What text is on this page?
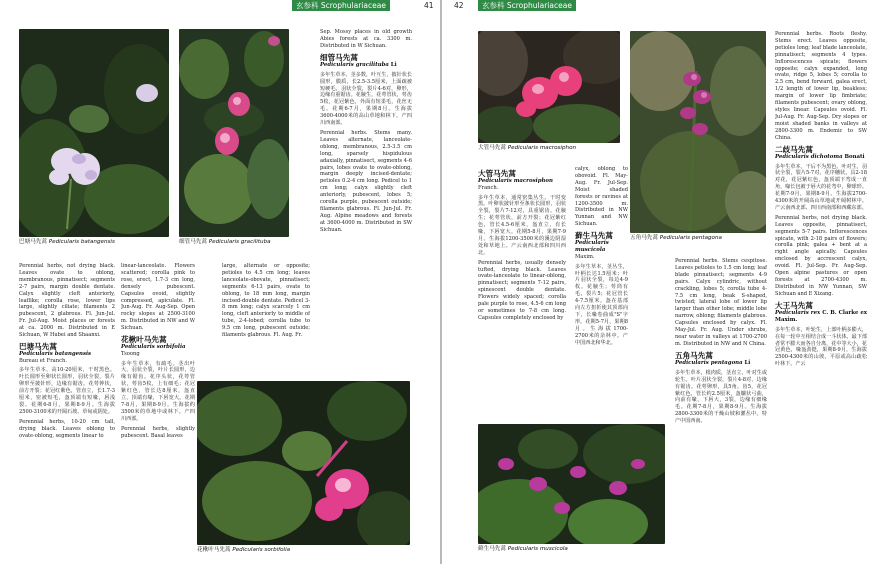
玄参科 Scrophulariaceae	41
巴塘马先蒿 Pedicularis batangensis	细管马先蒿 Pedicularis gracilituba
花楸叶马先蒿 Pedicularis sorbifolia

Perennial herbs, not drying black. Leaves ovate to oblong, membranous, pinnatisect; segments 2-7 pairs, margin double dentate. Calyx slightly cleft anteriorly, leaflike; corolla rose, lower lips large, slightly ciliate; filaments 2 pubescent, 2 glabrous. Fl. Jun-Jul. Fr. Jul-Aug. Moist places or forests at ca. 2000 m. Distributed in E Sichuan, W Hubei and Shaanxi.

巴塘马先蒿
Pedicularis batangensis
Bureau et Franch.

多年生草本，高10-20厘米，干时黑色。叶长圆形至卵状长圆形，羽状全裂，裂片卵形至披针形，边缘有锯齿。花萼钟状，前方开裂；花冠红紫色，管直立，长1.7-3厘米，密被短毛，盔顶端有短喙，唇浅裂。花期6-8月，果期8-9月。生海拔2500-3100米的开阔石坡、草甸或阴处。

Perennial herbs, 10-20 cm tall, drying black. Leaves oblong to ovate-oblong, segments linear to

linear-lanceolate. Flowers scattered; corolla pink to rose, erect, 1.7-3 cm long, densely pubescent. Capsules ovoid, slightly compressed, apiculate. Fl. Jun-Aug. Fr. Aug-Sep. Open rocky slopes at 2500-3100 m. Distributed in NW and W Sichuan.

花楸叶马先蒿
Pedicularis sorbifolia
Tsoong

多年生草本，有疏毛。茎出叶大，羽状全裂，叶片长圆形，边缘有锯齿。花序头状，花萼管状，萼齿5枚，上有细毛；花冠紫红色，管长达8厘米，盔直立，顶端有喙，下唇宽大。花期7-8月，果期8-9月。生海拔约3500米的草地中或林下。产四川西部。

Perennial herbs, slightly pubescent. Basal leaves

large, alternate or opposite; petioles to 4.5 cm long; leaves lanceolate-obovate, pinnatisect; segments 6-13 pairs, ovate to oblong, to 18 mm long, margin incised-double dentate. Pedicel 3-8 mm long; calyx scarcely 1 cm long, cleft anteriorly to middle of tube, 2-4-lobed; corolla tube to 9.5 cm long, pubescent outside; filaments glabrous. Fl. Aug. Fr.

Sep. Mossy places in old growth Abies forests at ca. 3300 m. Distributed in W Sichuan.

细管马先蒿
Pedicularis gracilituba Li

多年生草本，茎多数，叶互生，披针状长圆形，膜质，长2.5-3.5厘米，上面疏被短硬毛，羽状全裂，裂片4-6对，卵形，边缘有重锯齿。花腋生，花萼管状，萼齿5枚，花冠紫色，外面有短柔毛，花丝无毛。花期6-7月，果期8月。生海拔3600-4000米的高山草地和林下。产四川西南部。

Perennial herbs. Stems many. Leaves alternate, lanceolate-oblong, membranous, 2.5-3.5 cm long, sparsely hispidulous adaxially, pinnatisect, segments 4-6 pairs, lobes ovate to ovate-oblong, margin deeply incised-dentate; petioles 0.2-4 cm long. Pedicel to 1 cm long; calyx slightly cleft anteriorly, pubescent, lobes 5; corolla purple, pubescent outside; filaments glabrous. Fl. Jun-Jul. Fr. Aug. Alpine meadows and forests at 3600-4000 m. Distributed in SW Sichuan.

42	玄参科 Scrophulariaceae
大管马先蒿 Pedicularis macrosiphon
五角马先蒿 Pedicularis pentagona
藓生马先蒿 Pedicularis muscicola
大管马先蒿
Pedicularis macrosiphon
Franch.

多年生草本，通常密集丛生。干时变黑。叶卵状披针形至条状长圆形，羽状全裂，裂片7-12对，具重锯齿。花腋生；花萼管状，前方开裂；花冠紫红色，管长4.5-6厘米，盔直立，有长喙，下唇宽大。花期5-8月，果期7-9月。生海拔1200-3500米的溪边阴湿处和草地上。产云南西北部和四川西北。

Perennial herbs, usually densely tufted, drying black. Leaves ovate-lanceolate to linear-oblong, pinnatisect; segments 7-12 pairs, spinescent double dentate. Flowers widely spaced; corolla pale purple to rose, 4.5-6 cm long or sometimes to 7-8 cm long. Capsules completely enclosed by

calyx, oblong to obovoid. Fl. May-Aug. Fr. Jul-Sep. Moist shaded forests or ravines at 1200-3500 m. Distributed in NW Yunnan and NW Sichuan.

藓生马先蒿
Pedicularis muscicola
Maxim.

多年生草本，茎丛生，叶柄长达1.5厘米；叶片羽状全裂，每边4-9枚。花腋生；萼筒有毛，裂片5；花冠管长4-7.5厘米，盔在基部向左方扭折使其顶部向下，长喙卷曲成"S"字形。花期5-7月，果期8月。生海拔1700-2700米的杂林中。产中国西北和华北。

Perennial herbs. Stems cespitose. Leaves petioles to 1.5 cm long; leaf blade pinnatisect; segments 4-9 pairs. Calyx cylindric, without crackling, lobes 5; corolla tube 4-7.5 cm long, beak S-shaped, twisted; lateral lobe of lower lip larger than other lobe; middle lobe narrow, oblong; filaments glabrous. Capsules enclosed by calyx. Fl. May-Jul. Fr. Aug. Under shrubs, near water in valleys at 1700-2700 m. Distributed in NW and N China.

五角马先蒿
Pedicularis pentagona Li

多年生草本，根肉质，茎直立，叶对生或轮生。叶片羽状全裂，裂片4-8对，边缘有锯齿。花萼卵形，具5角，齿5，花冠紫红色，管长约2.5厘米，盔镰状弓曲，向前有喙，下唇大，3裂，边缘有细缘毛。花期7-8月，果期8-9月。生海拔2800-3300米的干燥山坡和灌丛中。特产中国西南。

Perennial herbs. Roots fleshy. Stems erect. Leaves opposite, petioles long; leaf blade lanceolate, pinnatisect; segments 4 types. Inflorescences spicate; flowers opposite; calyx expanded, long ovate, ridge 5, lobes 5; corolla to 2.5 cm, bend forward, galea erect, 1/2 length of lower lip, beakless; margin of lower lip fimbriate; filaments pubescent; ovary oblong, styles linear. Capsules ovoid. Fl. Jul-Aug. Fr. Aug-Sep. Dry slopes or moist shaded banks in valleys at 2800-3300 m. Endemic to SW China.

二歧马先蒿
Pedicularis dichotoma Bonati

多年生草本，干后不为黑色。叶对生，羽状全裂，裂片5-7对，花序穗状，具2-18对花，花冠紫红色，盔顶端下弯成一直角，喙长包被于唇大的花弯中，卵球形。花期7-9月，果期8-9月。生海拔2700-4300米的开阔高山草地或开阔树林中。产云南西北部、四川西南部和西藏东部。

Perennial herbs, not drying black. Leaves opposite, pinnatisect, segments 5-7 pairs. Inflorescences spicate, with 2-18 pairs of flowers; corolla pink; galea + bent at a right angle apically. Capsules enclosed by accrescent calyx, ovoid. Fl. Jul-Sep. Fr. Aug-Sep. Open alpine pastures or open forests at 2700-4300 m. Distributed in NW Yunnan, SW Sichuan and E Xizang.

大王马先蒿
Pedicularis rex C. B. Clarke ex Maxim.

多年生草本，叶轮生，上部叶柄多膨大，在每一轮中互相结合成一斗状体，最下部者常不膨大而各自分离，花中等大小，花冠黄色，喙盔劲挺，果期8-9月，生海拔2500-4300米的山坡，平原或高山疏松叶林下。产云
